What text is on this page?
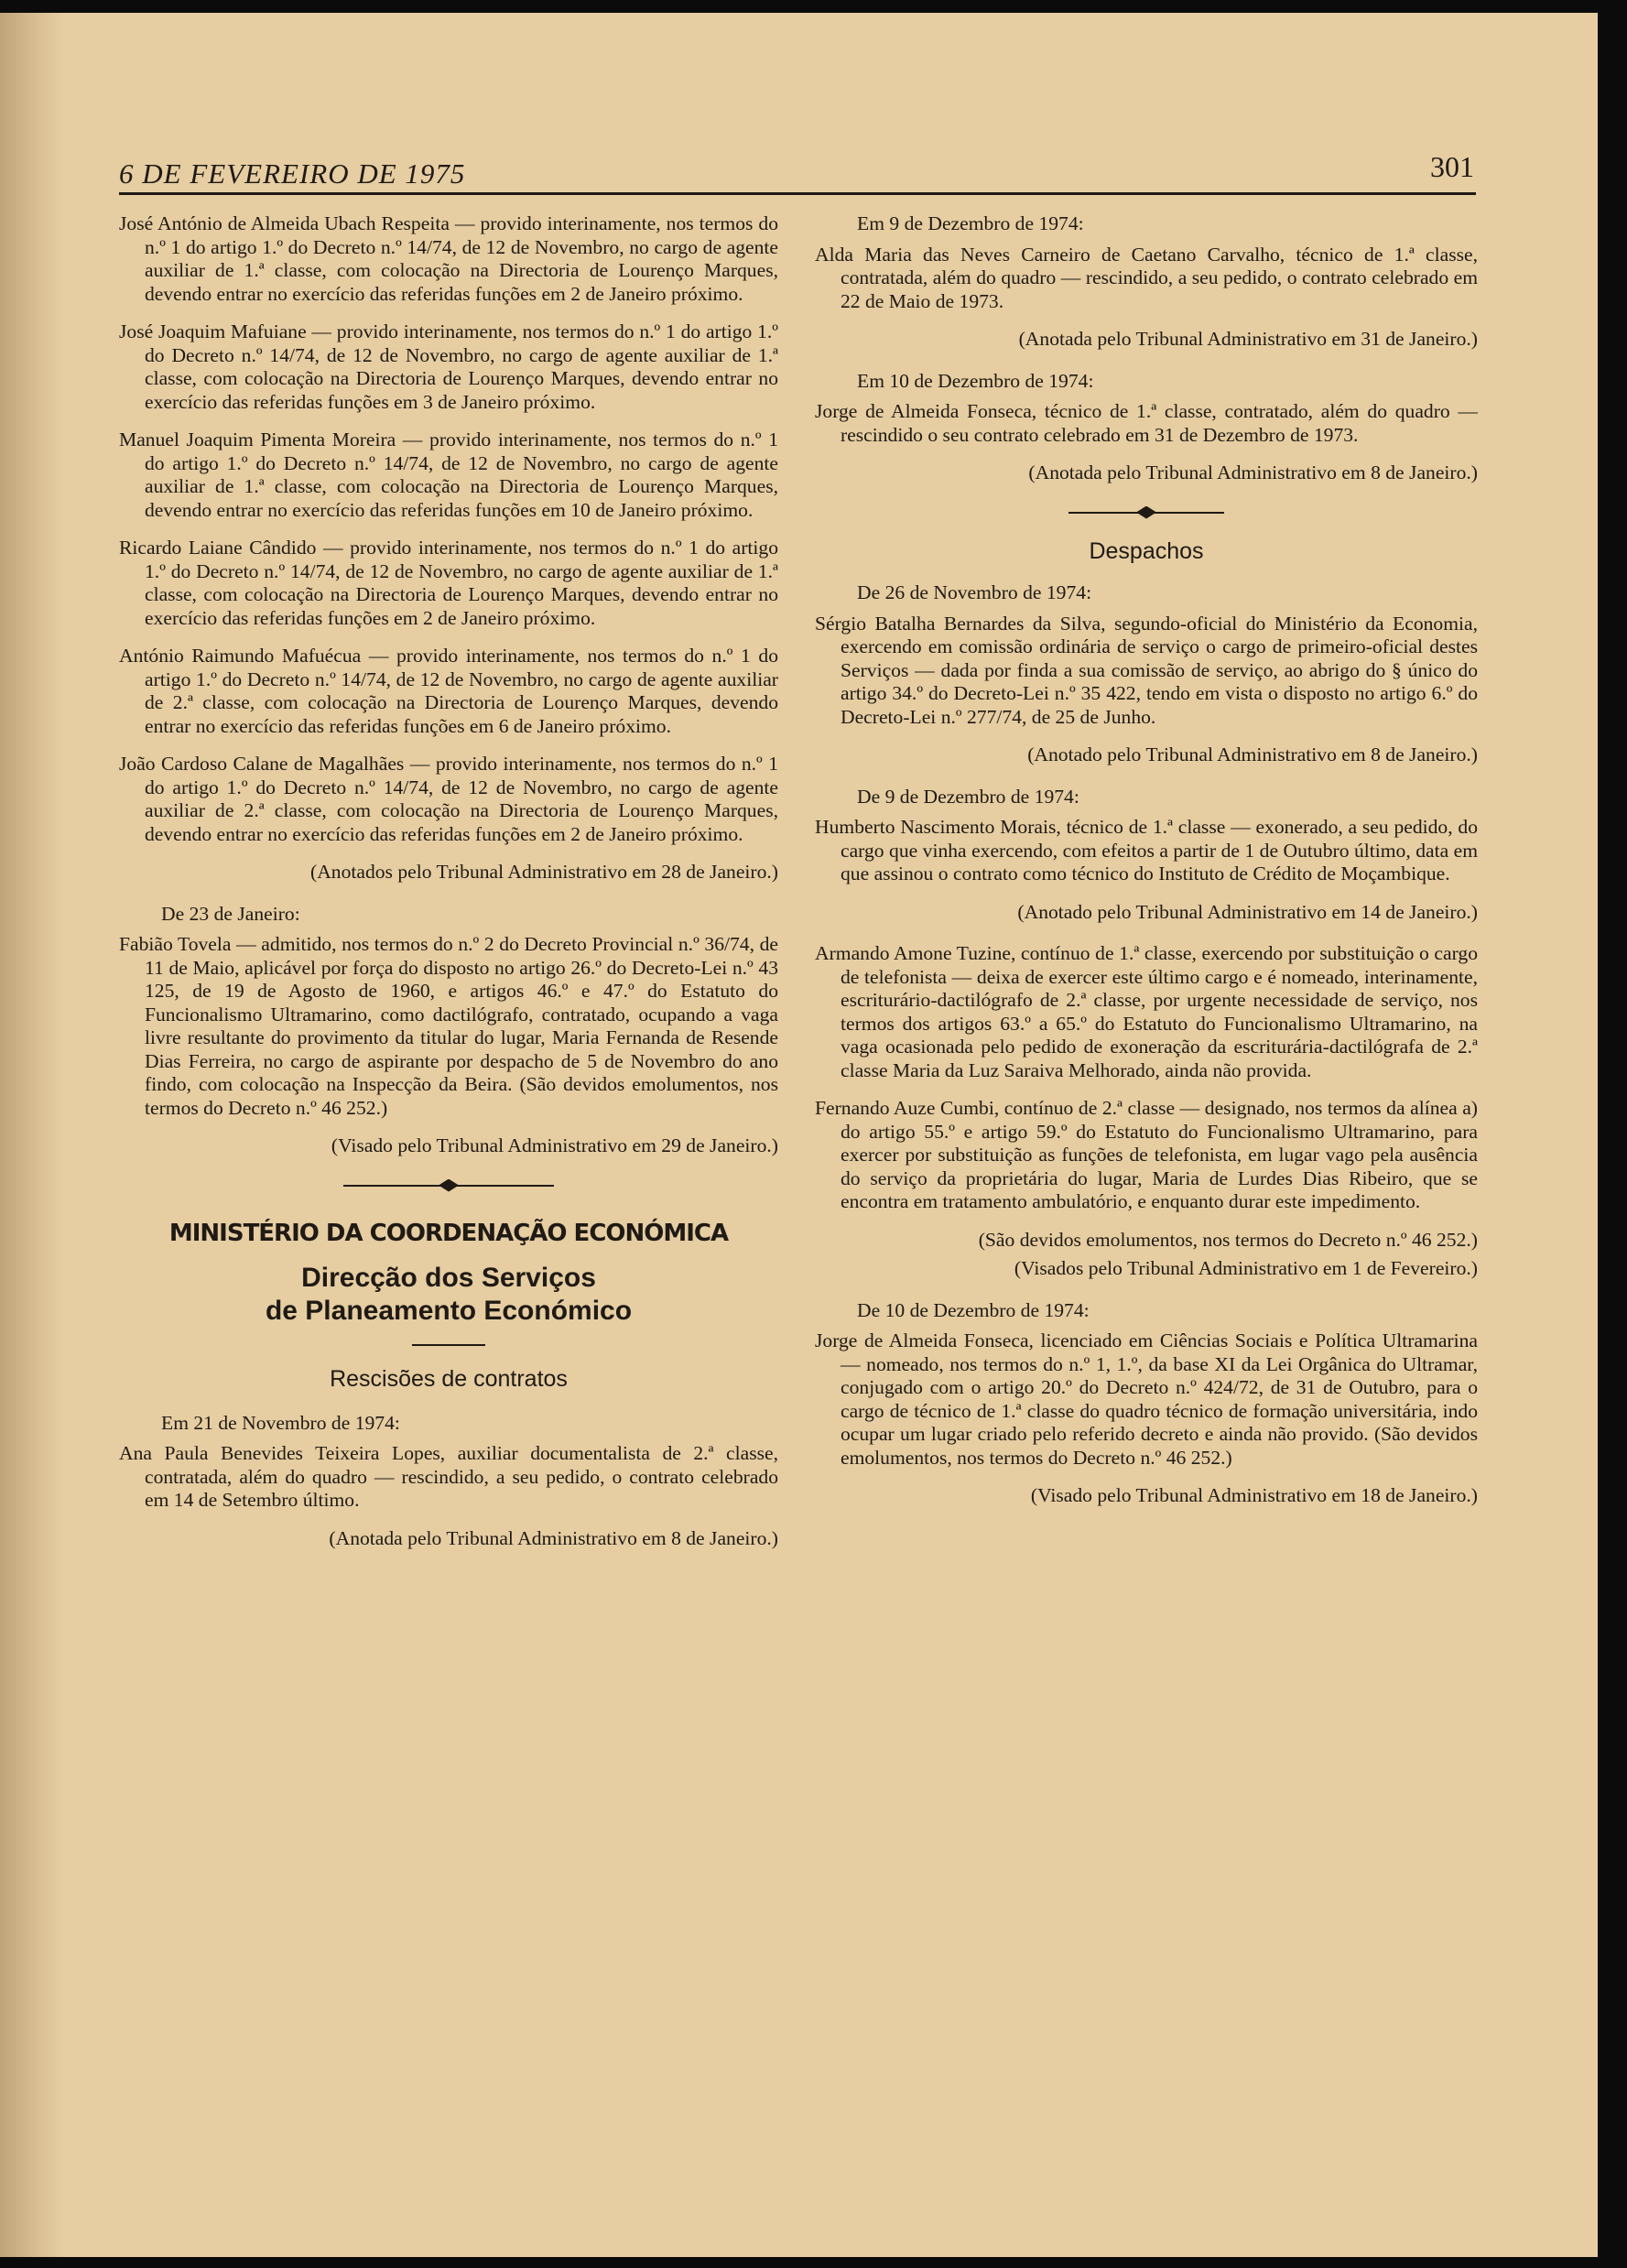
6 DE FEVEREIRO DE 1975	301

José António de Almeida Ubach Respeita — provido interinamente, nos termos do n.º 1 do artigo 1.º do Decreto n.º 14/74, de 12 de Novembro, no cargo de agente auxiliar de 1.ª classe, com colocação na Directoria de Lourenço Marques, devendo entrar no exercício das referidas funções em 2 de Janeiro próximo.

José Joaquim Mafuiane — provido interinamente, nos termos do n.º 1 do artigo 1.º do Decreto n.º 14/74, de 12 de Novembro, no cargo de agente auxiliar de 1.ª classe, com colocação na Directoria de Lourenço Marques, devendo entrar no exercício das referidas funções em 3 de Janeiro próximo.

Manuel Joaquim Pimenta Moreira — provido interinamente, nos termos do n.º 1 do artigo 1.º do Decreto n.º 14/74, de 12 de Novembro, no cargo de agente auxiliar de 1.ª classe, com colocação na Directoria de Lourenço Marques, devendo entrar no exercício das referidas funções em 10 de Janeiro próximo.

Ricardo Laiane Cândido — provido interinamente, nos termos do n.º 1 do artigo 1.º do Decreto n.º 14/74, de 12 de Novembro, no cargo de agente auxiliar de 1.ª classe, com colocação na Directoria de Lourenço Marques, devendo entrar no exercício das referidas funções em 2 de Janeiro próximo.

António Raimundo Mafuécua — provido interinamente, nos termos do n.º 1 do artigo 1.º do Decreto n.º 14/74, de 12 de Novembro, no cargo de agente auxiliar de 2.ª classe, com colocação na Directoria de Lourenço Marques, devendo entrar no exercício das referidas funções em 6 de Janeiro próximo.

João Cardoso Calane de Magalhães — provido interinamente, nos termos do n.º 1 do artigo 1.º do Decreto n.º 14/74, de 12 de Novembro, no cargo de agente auxiliar de 2.ª classe, com colocação na Directoria de Lourenço Marques, devendo entrar no exercício das referidas funções em 2 de Janeiro próximo.

(Anotados pelo Tribunal Administrativo em 28 de Janeiro.)

De 23 de Janeiro:

Fabião Tovela — admitido, nos termos do n.º 2 do Decreto Provincial n.º 36/74, de 11 de Maio, aplicável por força do disposto no artigo 26.º do Decreto-Lei n.º 43 125, de 19 de Agosto de 1960, e artigos 46.º e 47.º do Estatuto do Funcionalismo Ultramarino, como dactilógrafo, contratado, ocupando a vaga livre resultante do provimento da titular do lugar, Maria Fernanda de Resende Dias Ferreira, no cargo de aspirante por despacho de 5 de Novembro do ano findo, com colocação na Inspecção da Beira. (São devidos emolumentos, nos termos do Decreto n.º 46 252.)

(Visado pelo Tribunal Administrativo em 29 de Janeiro.)

MINISTÉRIO DA COORDENAÇÃO ECONÓMICA
Direcção dos Serviços
de Planeamento Económico
Rescisões de contratos

Em 21 de Novembro de 1974:

Ana Paula Benevides Teixeira Lopes, auxiliar documentalista de 2.ª classe, contratada, além do quadro — rescindido, a seu pedido, o contrato celebrado em 14 de Setembro último.

(Anotada pelo Tribunal Administrativo em 8 de Janeiro.)

Em 9 de Dezembro de 1974:

Alda Maria das Neves Carneiro de Caetano Carvalho, técnico de 1.ª classe, contratada, além do quadro — rescindido, a seu pedido, o contrato celebrado em 22 de Maio de 1973.

(Anotada pelo Tribunal Administrativo em 31 de Janeiro.)

Em 10 de Dezembro de 1974:

Jorge de Almeida Fonseca, técnico de 1.ª classe, contratado, além do quadro — rescindido o seu contrato celebrado em 31 de Dezembro de 1973.

(Anotada pelo Tribunal Administrativo em 8 de Janeiro.)

Despachos

De 26 de Novembro de 1974:

Sérgio Batalha Bernardes da Silva, segundo-oficial do Ministério da Economia, exercendo em comissão ordinária de serviço o cargo de primeiro-oficial destes Serviços — dada por finda a sua comissão de serviço, ao abrigo do § único do artigo 34.º do Decreto-Lei n.º 35 422, tendo em vista o disposto no artigo 6.º do Decreto-Lei n.º 277/74, de 25 de Junho.

(Anotado pelo Tribunal Administrativo em 8 de Janeiro.)

De 9 de Dezembro de 1974:

Humberto Nascimento Morais, técnico de 1.ª classe — exonerado, a seu pedido, do cargo que vinha exercendo, com efeitos a partir de 1 de Outubro último, data em que assinou o contrato como técnico do Instituto de Crédito de Moçambique.

(Anotado pelo Tribunal Administrativo em 14 de Janeiro.)

Armando Amone Tuzine, contínuo de 1.ª classe, exercendo por substituição o cargo de telefonista — deixa de exercer este último cargo e é nomeado, interinamente, escriturário-dactilógrafo de 2.ª classe, por urgente necessidade de serviço, nos termos dos artigos 63.º a 65.º do Estatuto do Funcionalismo Ultramarino, na vaga ocasionada pelo pedido de exoneração da escriturária-dactilógrafa de 2.ª classe Maria da Luz Saraiva Melhorado, ainda não provida.

Fernando Auze Cumbi, contínuo de 2.ª classe — designado, nos termos da alínea a) do artigo 55.º e artigo 59.º do Estatuto do Funcionalismo Ultramarino, para exercer por substituição as funções de telefonista, em lugar vago pela ausência do serviço da proprietária do lugar, Maria de Lurdes Dias Ribeiro, que se encontra em tratamento ambulatório, e enquanto durar este impedimento.

(São devidos emolumentos, nos termos do Decreto n.º 46 252.)

(Visados pelo Tribunal Administrativo em 1 de Fevereiro.)

De 10 de Dezembro de 1974:

Jorge de Almeida Fonseca, licenciado em Ciências Sociais e Política Ultramarina — nomeado, nos termos do n.º 1, 1.º, da base XI da Lei Orgânica do Ultramar, conjugado com o artigo 20.º do Decreto n.º 424/72, de 31 de Outubro, para o cargo de técnico de 1.ª classe do quadro técnico de formação universitária, indo ocupar um lugar criado pelo referido decreto e ainda não provido. (São devidos emolumentos, nos termos do Decreto n.º 46 252.)

(Visado pelo Tribunal Administrativo em 18 de Janeiro.)
